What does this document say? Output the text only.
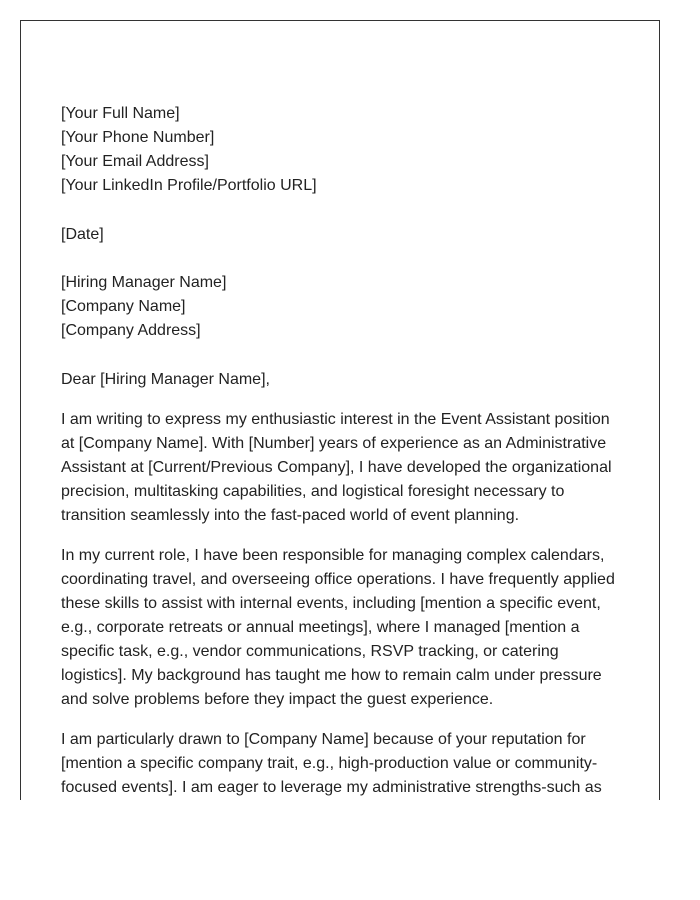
[Your Full Name]
[Your Phone Number]
[Your Email Address]
[Your LinkedIn Profile/Portfolio URL]
[Date]
[Hiring Manager Name]
[Company Name]
[Company Address]
Dear [Hiring Manager Name],

I am writing to express my enthusiastic interest in the Event Assistant position
at [Company Name]. With [Number] years of experience as an Administrative
Assistant at [Current/Previous Company], I have developed the organizational
precision, multitasking capabilities, and logistical foresight necessary to
transition seamlessly into the fast-paced world of event planning.

In my current role, I have been responsible for managing complex calendars,
coordinating travel, and overseeing office operations. I have frequently applied
these skills to assist with internal events, including [mention a specific event,
e.g., corporate retreats or annual meetings], where I managed [mention a
specific task, e.g., vendor communications, RSVP tracking, or catering
logistics]. My background has taught me how to remain calm under pressure
and solve problems before they impact the guest experience.

I am particularly drawn to [Company Name] because of your reputation for
[mention a specific company trait, e.g., high-production value or community-
focused events]. I am eager to leverage my administrative strengths-such as
